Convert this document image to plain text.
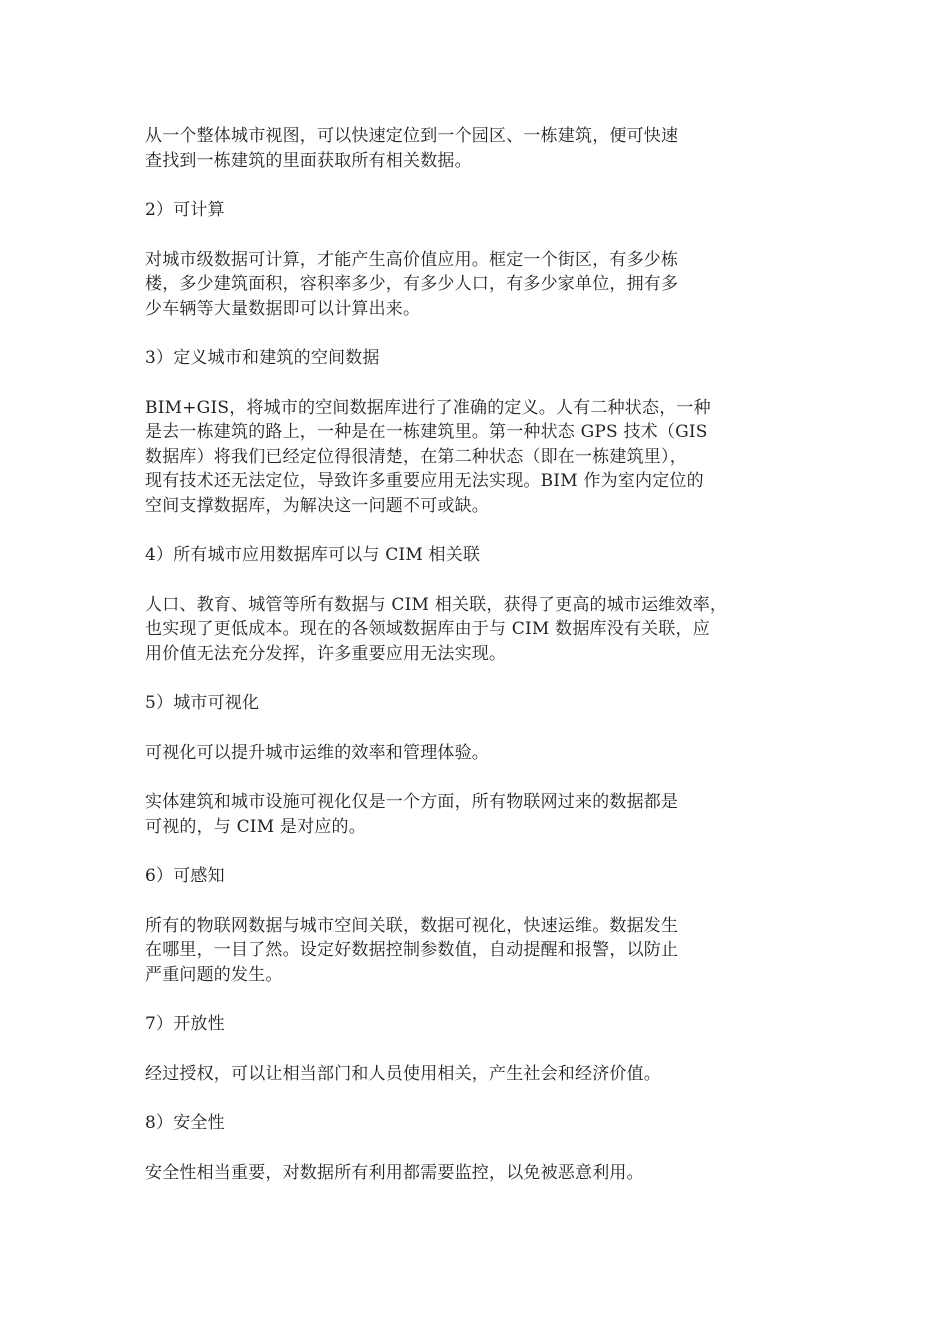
从一个整体城市视图，可以快速定位到一个园区、一栋建筑，便可快速
查找到一栋建筑的里面获取所有相关数据。
2）可计算
对城市级数据可计算，才能产生高价值应用。框定一个街区，有多少栋
楼，多少建筑面积，容积率多少，有多少人口，有多少家单位，拥有多
少车辆等大量数据即可以计算出来。
3）定义城市和建筑的空间数据
BIM+GIS，将城市的空间数据库进行了准确的定义。人有二种状态，一种
是去一栋建筑的路上，一种是在一栋建筑里。第一种状态 GPS 技术（GIS
数据库）将我们已经定位得很清楚，在第二种状态（即在一栋建筑里），
现有技术还无法定位，导致许多重要应用无法实现。BIM 作为室内定位的
空间支撑数据库，为解决这一问题不可或缺。
4）所有城市应用数据库可以与 CIM 相关联
人口、教育、城管等所有数据与 CIM 相关联，获得了更高的城市运维效率，
也实现了更低成本。现在的各领域数据库由于与 CIM 数据库没有关联，应
用价值无法充分发挥，许多重要应用无法实现。
5）城市可视化
可视化可以提升城市运维的效率和管理体验。
实体建筑和城市设施可视化仅是一个方面，所有物联网过来的数据都是
可视的，与 CIM 是对应的。
6）可感知
所有的物联网数据与城市空间关联，数据可视化，快速运维。数据发生
在哪里，一目了然。设定好数据控制参数值，自动提醒和报警，以防止
严重问题的发生。
7）开放性
经过授权，可以让相当部门和人员使用相关，产生社会和经济价值。
8）安全性
安全性相当重要，对数据所有利用都需要监控，以免被恶意利用。
